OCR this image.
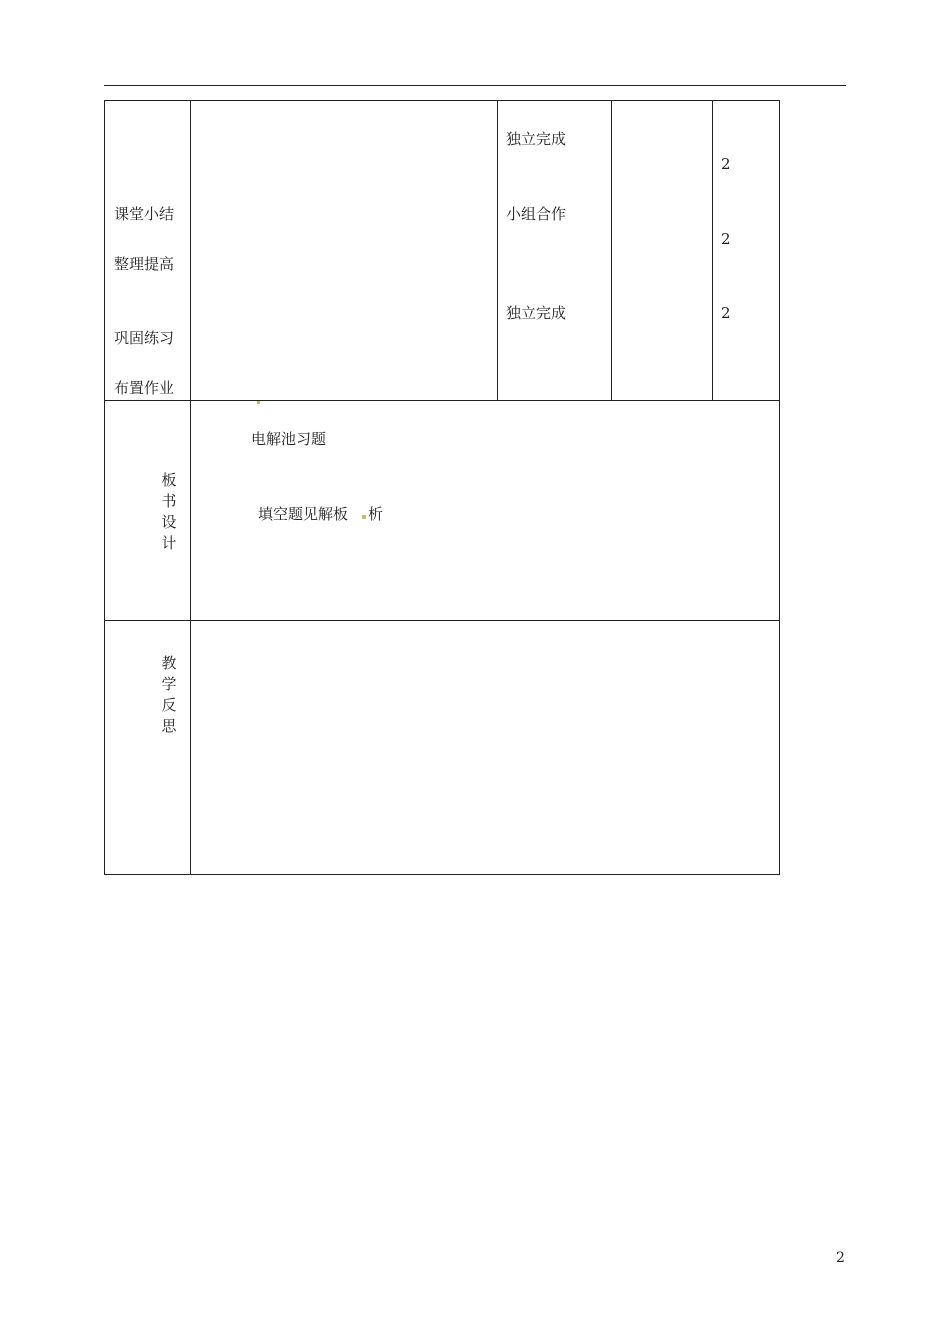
课堂小结
整理提高
巩固练习
布置作业
独立完成
小组合作
独立完成
2
2
2
板
书
设
计
电解池习题
填空题见解板 析
教
学
反
思
2
